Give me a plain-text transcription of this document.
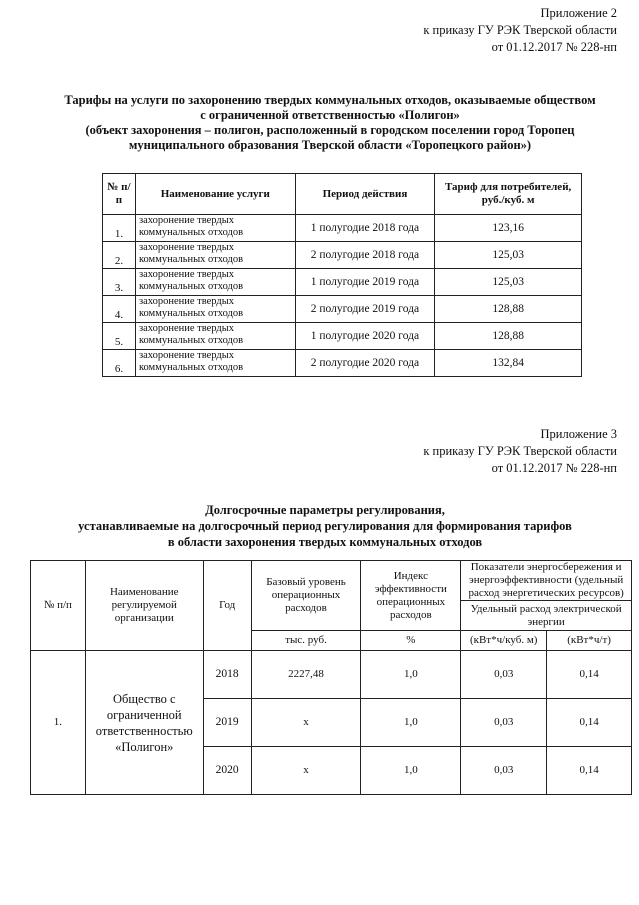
Приложение 2
к приказу ГУ РЭК Тверской области
от 01.12.2017 № 228-нп
Тарифы на услуги по захоронению твердых коммунальных отходов, оказываемые обществом
с ограниченной ответственностью «Полигон»
(объект захоронения – полигон, расположенный в городском поселении город Торопец
муниципального образования Тверской области «Торопецкого район»)
№ п/п	Наименование услуги	Период действия	Тариф для потребителей, руб./куб. м
1.	захоронение твердых коммунальных отходов	1 полугодие 2018 года	123,16
2.	захоронение твердых коммунальных отходов	2 полугодие 2018 года	125,03
3.	захоронение твердых коммунальных отходов	1 полугодие 2019 года	125,03
4.	захоронение твердых коммунальных отходов	2 полугодие 2019 года	128,88
5.	захоронение твердых коммунальных отходов	1 полугодие 2020 года	128,88
6.	захоронение твердых коммунальных отходов	2 полугодие 2020 года	132,84
Приложение 3
к приказу ГУ РЭК Тверской области
от 01.12.2017 № 228-нп
Долгосрочные параметры регулирования,
устанавливаемые на долгосрочный период регулирования для формирования тарифов
в области захоронения твердых коммунальных отходов
№ п/п	Наименование регулируемой организации	Год	Базовый уровень операционных расходов	Индекс эффективности операционных расходов	Показатели энергосбережения и энергоэффективности (удельный расход энергетических ресурсов)	
					Удельный расход электрической энергии	
			тыс. руб.	%	(кВт*ч/куб. м)	(кВт*ч/т)
1.	Общество с ограниченной ответственностью «Полигон»	2018	2227,48	1,0	0,03	0,14
		2019	х	1,0	0,03	0,14
		2020	х	1,0	0,03	0,14
